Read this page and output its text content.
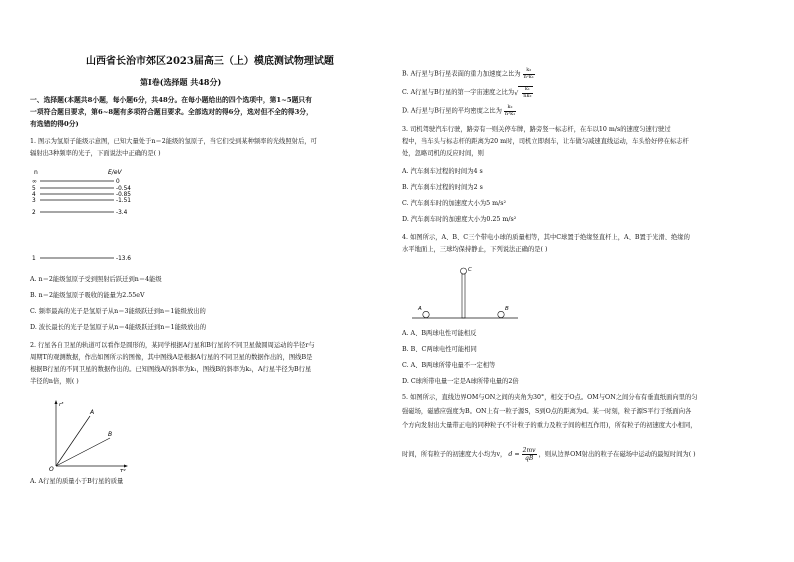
山西省长治市郊区2023届高三（上）模底测试物理试题
第Ⅰ卷(选择题 共48分)
一、选择题(本题共8小题，每小题6分，共48分。在每小题给出的四个选项中，第1~5题只有
一项符合题目要求，第6~8题有多项符合题目要求。全部选对的得6分，选对但不全的得3分，
有选错的得0分)
1. 图示为氢原子能级示意图，已知大量处于n＝2能级的氢原子，当它们受到某种频率的光线照射后，可
辐射出3种频率的光子，下面说法中正确的是( )
n	E/eV
∞	0
5	-0.54
4	-0.85
3	-1.51
2	-3.4
1	-13.6
A. n＝2能级氢原子受到照射后跃迁到n＝4能级
B. n＝2能级氢原子吸收的能量为2.55eV
C. 频率最高的光子是氢原子从n＝3能级跃迁到n＝1能级放出的
D. 波长最长的光子是氢原子从n＝4能级跃迁到n＝1能级放出的
2. 行星各自卫星的轨道可以看作是圆形的，某同学根据A行星和B行星的不同卫星做圆周运动的半径r与
周期T的观测数据，作出如图所示的图像，其中图线A是根据A行星的不同卫星的数据作出的，图线B是
根据B行星的不同卫星的数据作出的。已知图线A的斜率为k₁，图线B的斜率为k₂，A行星半径为B行星
半径的n倍，则( )
r³
T²
O
A
B
A. A行星的质量小于B行星的质量
B. A行星与B行星表面的重力加速度之比为 $\frac{\text{k₂}}{\text{n²k₁}}$
C. A行星与B行星的第一宇宙速度之比为
√ $\frac{\text{k₁}}{\text{nk₂}}$
D. A行星与B行星的平均密度之比为 $\frac{\text{k₂}}{\text{n³k₁}}$
3. 司机驾驶汽车行驶，路旁有一则关停车牌，路旁竖一标志杆，在车以10 m/s的速度匀速行驶过
程中，当车头与标志杆的距离为20 m时，司机立即刹车，让车做匀减速直线运动，车头恰好停在标志杆
处，忽略司机的反应时间，则
A. 汽车刹车过程的时间为4 s
B. 汽车刹车过程的时间为2 s
C. 汽车刹车时的加速度大小为5 m/s²
D. 汽车刹车时的加速度大小为0.25 m/s²
4. 如图所示，A、B、C三个带电小球的质量相等，其中C球置于绝缘竖直杆上，A、B置于光滑、绝缘的
水平地面上，三球均保持静止，下列说法正确的是( )
C
A	B
A. A、B两球电性可能相反
B. B、C两球电性可能相同
C. A、B两球所带电量不一定相等
D. C球所带电量一定是A球所带电量的2倍
5. 如图所示，直线边界OM与ON之间的夹角为30°，相交于O点。OM与ON之间分布有垂直纸面向里的匀
强磁场，磁感应强度为B。ON上有一粒子源S，S到O点的距离为d。某一时刻，粒子源S平行于纸面向各
个方向发射出大量带正电的同种粒子(不计粒子的重力及粒子间的相互作用)，所有粒子的初速度大小相同，
时间，所有粒子的初速度大小均为v， $d = \frac{2mv}{qB}$ ，则从边界OM射出的粒子在磁场中运动的最短时间为( )
